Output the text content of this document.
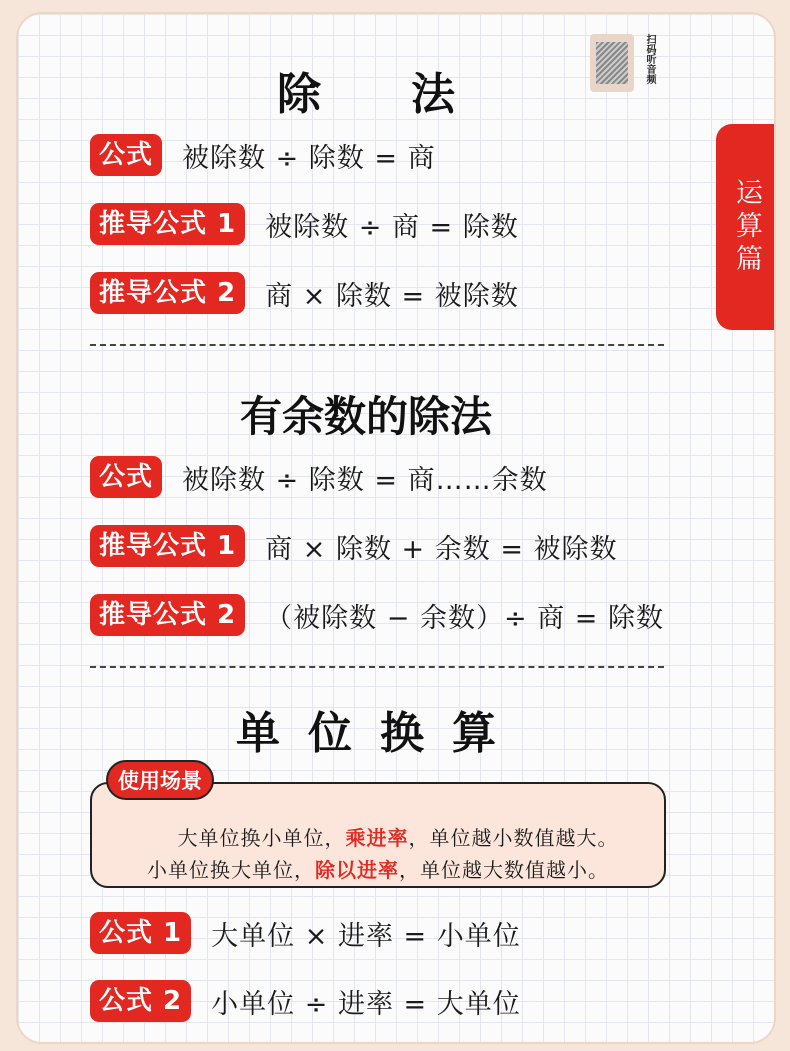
扫码听音频
运算篇
除法
公式	被除数 ÷ 除数 = 商
推导公式 1	被除数 ÷ 商 = 除数
推导公式 2	商 × 除数 = 被除数
有余数的除法
公式	被除数 ÷ 除数 = 商……余数
推导公式 1	商 × 除数 + 余数 = 被除数
推导公式 2	（被除数 − 余数）÷ 商 = 除数
单位换算
大单位换小单位，乘进率，单位越小数值越大。
小单位换大单位，除以进率，单位越大数值越小。
使用场景
公式 1	大单位 × 进率 = 小单位
公式 2	小单位 ÷ 进率 = 大单位
